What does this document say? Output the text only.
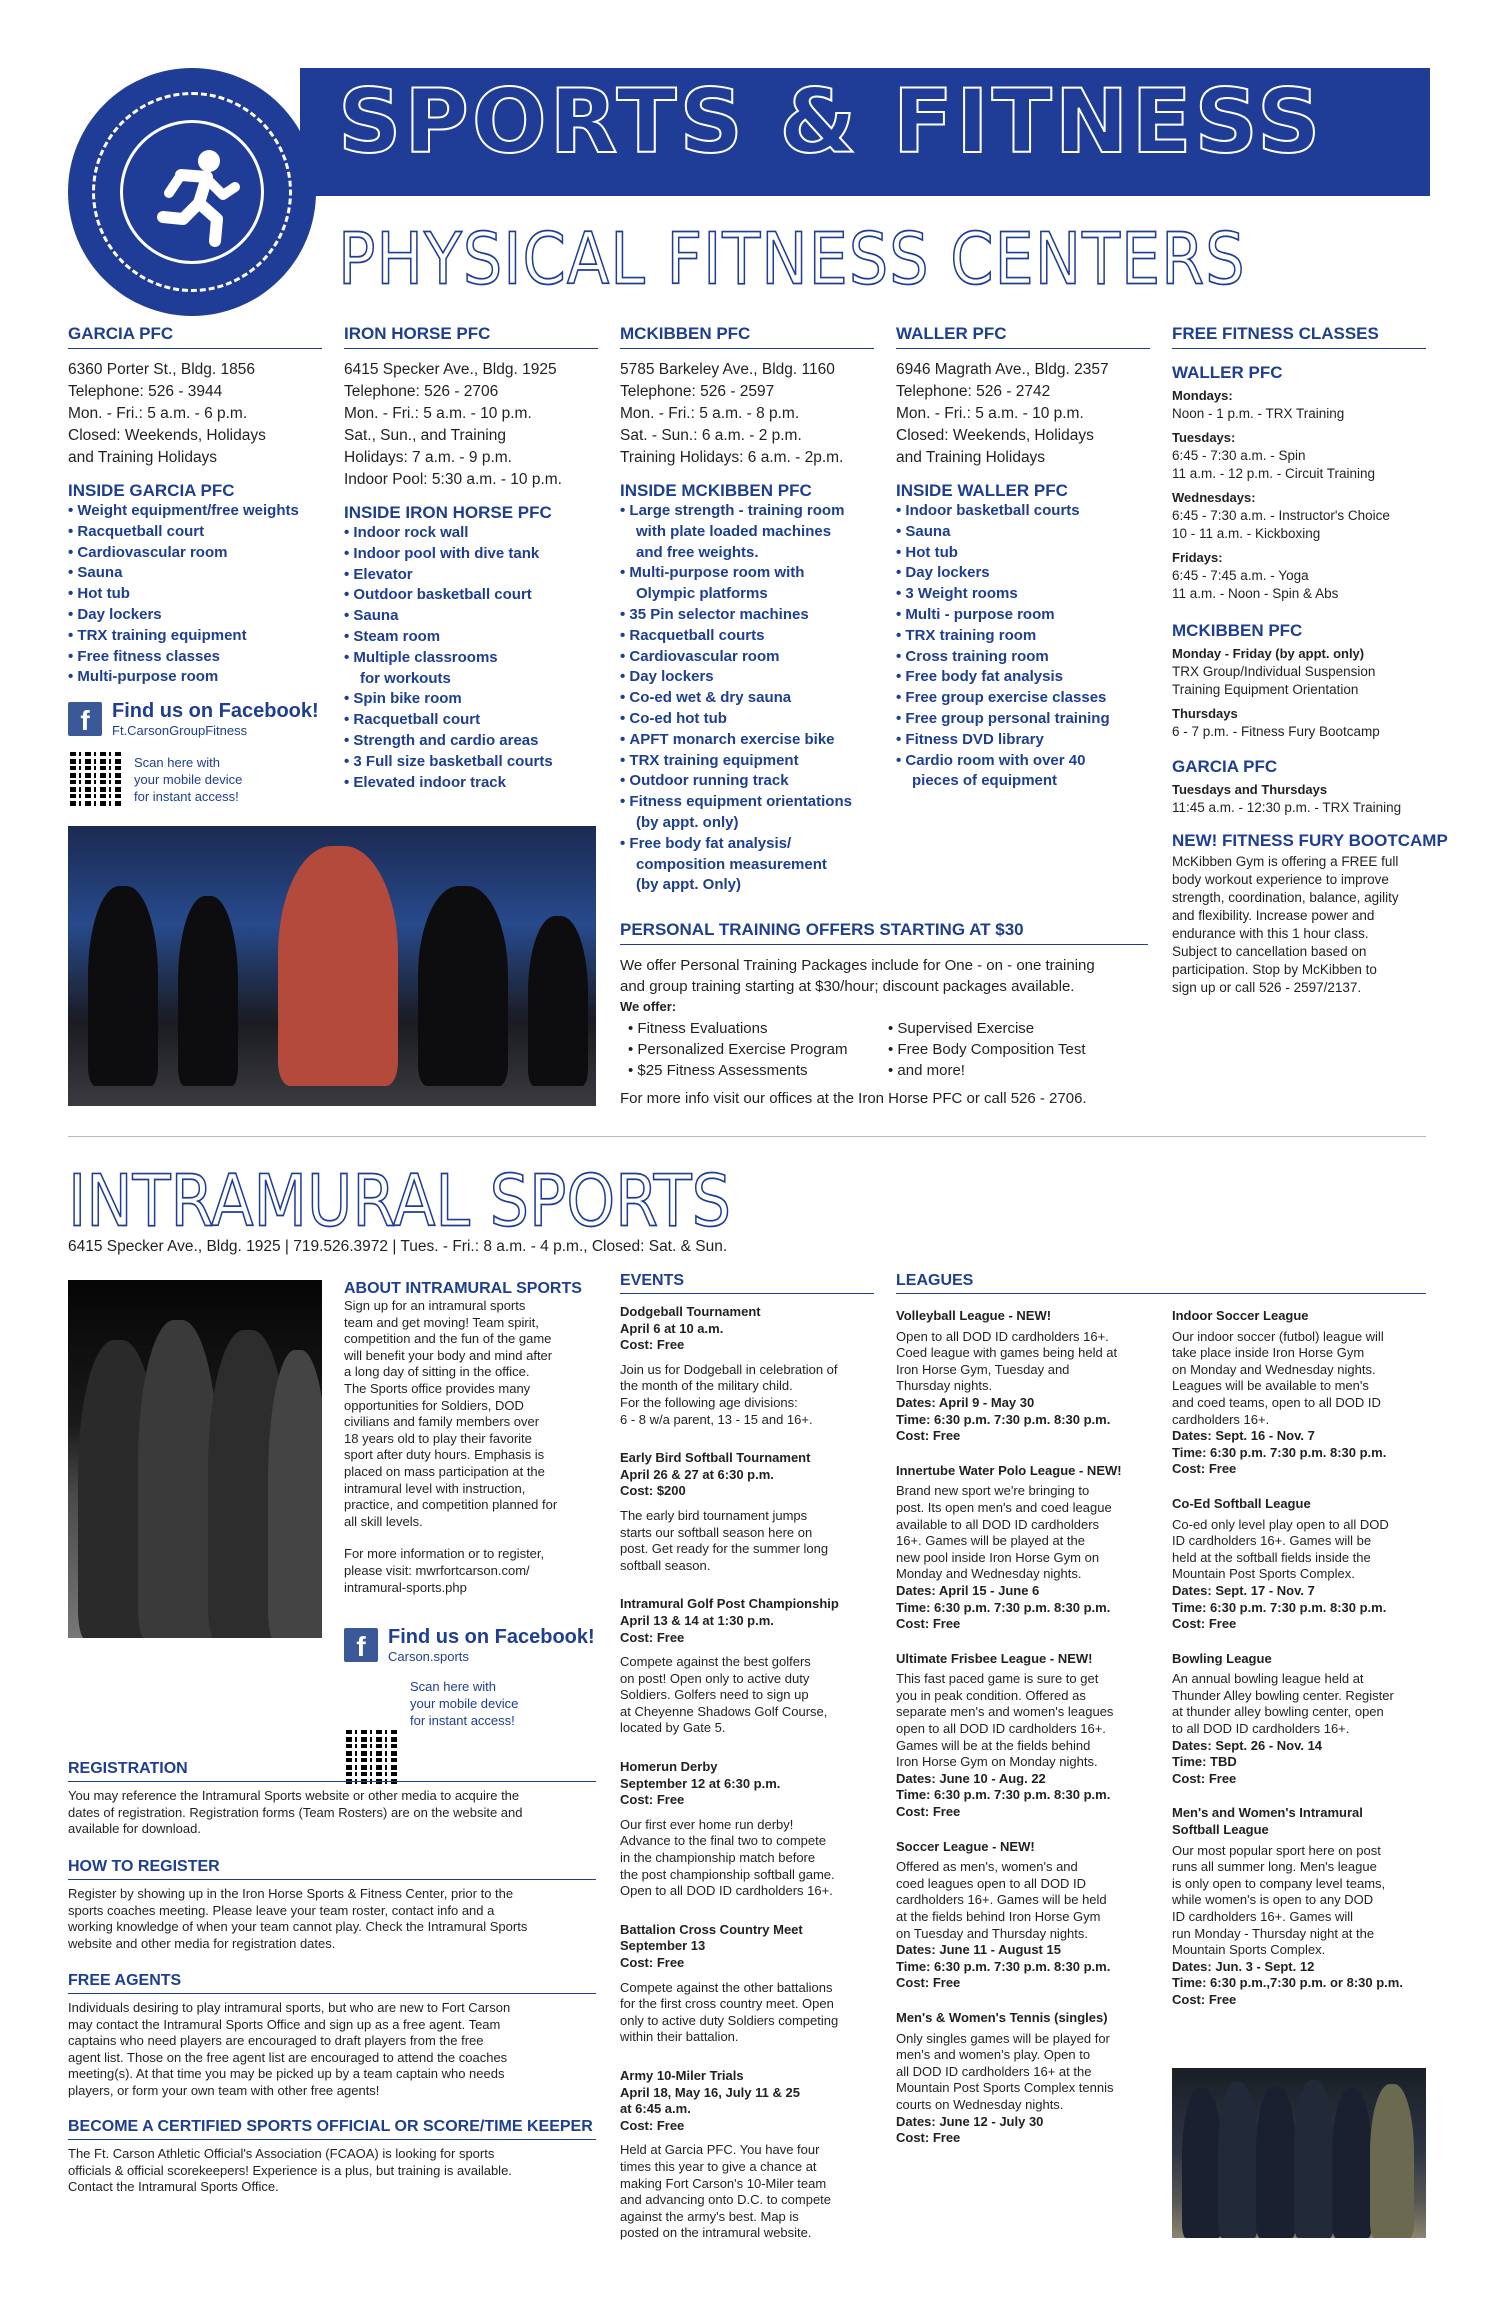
SPORTS & FITNESS
PHYSICAL FITNESS CENTERS
GARCIA PFC
6360 Porter St., Bldg. 1856
Telephone: 526 - 3944
Mon. - Fri.: 5 a.m. - 6 p.m.
Closed: Weekends, Holidays
and Training Holidays
INSIDE GARCIA PFC
• Weight equipment/free weights
• Racquetball court
• Cardiovascular room
• Sauna
• Hot tub
• Day lockers
• TRX training equipment
• Free fitness classes
• Multi-purpose room
f	Find us on Facebook!
Ft.CarsonGroupFitness
Scan here with
your mobile device
for instant access!
IRON HORSE PFC
6415 Specker Ave., Bldg. 1925
Telephone: 526 - 2706
Mon. - Fri.: 5 a.m. - 10 p.m.
Sat., Sun., and Training
Holidays: 7 a.m. - 9 p.m.
Indoor Pool: 5:30 a.m. - 10 p.m.
INSIDE IRON HORSE PFC
• Indoor rock wall
• Indoor pool with dive tank
• Elevator
• Outdoor basketball court
• Sauna
• Steam room
• Multiple classrooms
for workouts
• Spin bike room
• Racquetball court
• Strength and cardio areas
• 3 Full size basketball courts
• Elevated indoor track
MCKIBBEN PFC
5785 Barkeley Ave., Bldg. 1160
Telephone: 526 - 2597
Mon. - Fri.: 5 a.m. - 8 p.m.
Sat. - Sun.: 6 a.m. - 2 p.m.
Training Holidays: 6 a.m. - 2p.m.
INSIDE MCKIBBEN PFC
• Large strength - training room
with plate loaded machines
and free weights.
• Multi-purpose room with
Olympic platforms
• 35 Pin selector machines
• Racquetball courts
• Cardiovascular room
• Day lockers
• Co-ed wet & dry sauna
• Co-ed hot tub
• APFT monarch exercise bike
• TRX training equipment
• Outdoor running track
• Fitness equipment orientations
(by appt. only)
• Free body fat analysis/
composition measurement
(by appt. Only)
WALLER PFC
6946 Magrath Ave., Bldg. 2357
Telephone: 526 - 2742
Mon. - Fri.: 5 a.m. - 10 p.m.
Closed: Weekends, Holidays
and Training Holidays
INSIDE WALLER PFC
• Indoor basketball courts
• Sauna
• Hot tub
• Day lockers
• 3 Weight rooms
• Multi - purpose room
• TRX training room
• Cross training room
• Free body fat analysis
• Free group exercise classes
• Free group personal training
• Fitness DVD library
• Cardio room with over 40
pieces of equipment
FREE FITNESS CLASSES
WALLER PFC
Mondays:
Noon - 1 p.m. - TRX Training
Tuesdays:
6:45 - 7:30 a.m. - Spin
11 a.m. - 12 p.m. - Circuit Training
Wednesdays:
6:45 - 7:30 a.m. - Instructor's Choice
10 - 11 a.m. - Kickboxing
Fridays:
6:45 - 7:45 a.m. - Yoga
11 a.m. - Noon - Spin & Abs
MCKIBBEN PFC
Monday - Friday (by appt. only)
TRX Group/Individual Suspension
Training Equipment Orientation
Thursdays
6 - 7 p.m. - Fitness Fury Bootcamp
GARCIA PFC
Tuesdays and Thursdays
11:45 a.m. - 12:30 p.m. - TRX Training
NEW! FITNESS FURY BOOTCAMP
McKibben Gym is offering a FREE full
body workout experience to improve
strength, coordination, balance, agility
and flexibility. Increase power and
endurance with this 1 hour class.
Subject to cancellation based on
participation. Stop by McKibben to
sign up or call 526 - 2597/2137.
PERSONAL TRAINING OFFERS STARTING AT $30
We offer Personal Training Packages include for One - on - one training
and group training starting at $30/hour; discount packages available.
We offer:
• Fitness Evaluations
• Personalized Exercise Program
• $25 Fitness Assessments
• Supervised Exercise
• Free Body Composition Test
• and more!
For more info visit our offices at the Iron Horse PFC or call 526 - 2706.
INTRAMURAL SPORTS
6415 Specker Ave., Bldg. 1925 | 719.526.3972 | Tues. - Fri.: 8 a.m. - 4 p.m., Closed: Sat. & Sun.
ABOUT INTRAMURAL SPORTS
Sign up for an intramural sports
team and get moving! Team spirit,
competition and the fun of the game
will benefit your body and mind after
a long day of sitting in the office.
The Sports office provides many
opportunities for Soldiers, DOD
civilians and family members over
18 years old to play their favorite
sport after duty hours. Emphasis is
placed on mass participation at the
intramural level with instruction,
practice, and competition planned for
all skill levels.
For more information or to register,
please visit: mwrfortcarson.com/
intramural-sports.php
f	Find us on Facebook!
Carson.sports
Scan here with
your mobile device
for instant access!
REGISTRATION
You may reference the Intramural Sports website or other media to acquire the
dates of registration. Registration forms (Team Rosters) are on the website and
available for download.
HOW TO REGISTER
Register by showing up in the Iron Horse Sports & Fitness Center, prior to the
sports coaches meeting. Please leave your team roster, contact info and a
working knowledge of when your team cannot play. Check the Intramural Sports
website and other media for registration dates.
FREE AGENTS
Individuals desiring to play intramural sports, but who are new to Fort Carson
may contact the Intramural Sports Office and sign up as a free agent. Team
captains who need players are encouraged to draft players from the free
agent list. Those on the free agent list are encouraged to attend the coaches
meeting(s). At that time you may be picked up by a team captain who needs
players, or form your own team with other free agents!
BECOME A CERTIFIED SPORTS OFFICIAL OR SCORE/TIME KEEPER
The Ft. Carson Athletic Official's Association (FCAOA) is looking for sports
officials & official scorekeepers! Experience is a plus, but training is available.
Contact the Intramural Sports Office.
EVENTS
Dodgeball Tournament
April 6 at 10 a.m.
Cost: Free
Join us for Dodgeball in celebration of
the month of the military child.
For the following age divisions:
6 - 8 w/a parent, 13 - 15 and 16+.
Early Bird Softball Tournament
April 26 & 27 at 6:30 p.m.
Cost: $200
The early bird tournament jumps
starts our softball season here on
post. Get ready for the summer long
softball season.
Intramural Golf Post Championship
April 13 & 14 at 1:30 p.m.
Cost: Free
Compete against the best golfers
on post! Open only to active duty
Soldiers. Golfers need to sign up
at Cheyenne Shadows Golf Course,
located by Gate 5.
Homerun Derby
September 12 at 6:30 p.m.
Cost: Free
Our first ever home run derby!
Advance to the final two to compete
in the championship match before
the post championship softball game.
Open to all DOD ID cardholders 16+.
Battalion Cross Country Meet
September 13
Cost: Free
Compete against the other battalions
for the first cross country meet. Open
only to active duty Soldiers competing
within their battalion.
Army 10-Miler Trials
April 18, May 16, July 11 & 25
at 6:45 a.m.
Cost: Free
Held at Garcia PFC. You have four
times this year to give a chance at
making Fort Carson's 10-Miler team
and advancing onto D.C. to compete
against the army's best. Map is
posted on the intramural website.
LEAGUES
Volleyball League - NEW!
Open to all DOD ID cardholders 16+.
Coed league with games being held at
Iron Horse Gym, Tuesday and
Thursday nights.
Dates: April 9 - May 30
Time: 6:30 p.m. 7:30 p.m. 8:30 p.m.
Cost: Free
Innertube Water Polo League - NEW!
Brand new sport we're bringing to
post. Its open men's and coed league
available to all DOD ID cardholders
16+. Games will be played at the
new pool inside Iron Horse Gym on
Monday and Wednesday nights.
Dates: April 15 - June 6
Time: 6:30 p.m. 7:30 p.m. 8:30 p.m.
Cost: Free
Ultimate Frisbee League - NEW!
This fast paced game is sure to get
you in peak condition. Offered as
separate men's and women's leagues
open to all DOD ID cardholders 16+.
Games will be at the fields behind
Iron Horse Gym on Monday nights.
Dates: June 10 - Aug. 22
Time: 6:30 p.m. 7:30 p.m. 8:30 p.m.
Cost: Free
Soccer League - NEW!
Offered as men's, women's and
coed leagues open to all DOD ID
cardholders 16+. Games will be held
at the fields behind Iron Horse Gym
on Tuesday and Thursday nights.
Dates: June 11 - August 15
Time: 6:30 p.m. 7:30 p.m. 8:30 p.m.
Cost: Free
Men's & Women's Tennis (singles)
Only singles games will be played for
men's and women's play. Open to
all DOD ID cardholders 16+ at the
Mountain Post Sports Complex tennis
courts on Wednesday nights.
Dates: June 12 - July 30
Cost: Free
Indoor Soccer League
Our indoor soccer (futbol) league will
take place inside Iron Horse Gym
on Monday and Wednesday nights.
Leagues will be available to men's
and coed teams, open to all DOD ID
cardholders 16+.
Dates: Sept. 16 - Nov. 7
Time: 6:30 p.m. 7:30 p.m. 8:30 p.m.
Cost: Free
Co-Ed Softball League
Co-ed only level play open to all DOD
ID cardholders 16+. Games will be
held at the softball fields inside the
Mountain Post Sports Complex.
Dates: Sept. 17 - Nov. 7
Time: 6:30 p.m. 7:30 p.m. 8:30 p.m.
Cost: Free
Bowling League
An annual bowling league held at
Thunder Alley bowling center. Register
at thunder alley bowling center, open
to all DOD ID cardholders 16+.
Dates: Sept. 26 - Nov. 14
Time: TBD
Cost: Free
Men's and Women's Intramural
Softball League
Our most popular sport here on post
runs all summer long. Men's league
is only open to company level teams,
while women's is open to any DOD
ID cardholders 16+. Games will
run Monday - Thursday night at the
Mountain Sports Complex.
Dates: Jun. 3 - Sept. 12
Time: 6:30 p.m.,7:30 p.m. or 8:30 p.m.
Cost: Free
